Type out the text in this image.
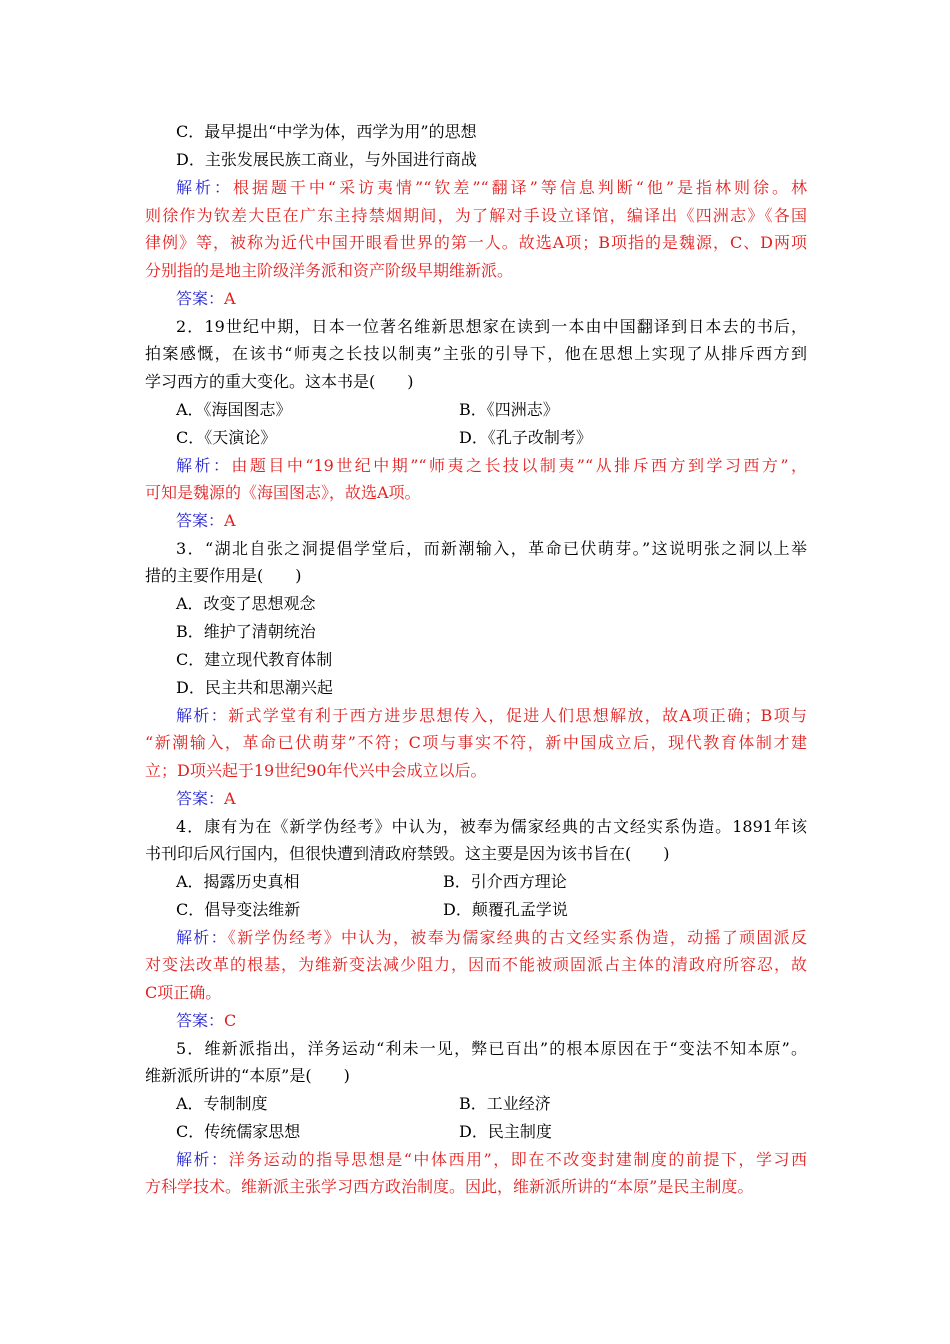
C．最早提出“中学为体，西学为用”的思想
D．主张发展民族工商业，与外国进行商战
解析：根据题干中“采访夷情”“钦差”“翻译”等信息判断“他”是指林则徐。林
则徐作为钦差大臣在广东主持禁烟期间，为了解对手设立译馆，编译出《四洲志》《各国
律例》等，被称为近代中国开眼看世界的第一人。故选A项；B项指的是魏源，C、D两项
分别指的是地主阶级洋务派和资产阶级早期维新派。
答案：A
2．19世纪中期，日本一位著名维新思想家在读到一本由中国翻译到日本去的书后，
拍案感慨，在该书“师夷之长技以制夷”主张的引导下，他在思想上实现了从排斥西方到
学习西方的重大变化。这本书是(　　)
A．《海国图志》	B．《四洲志》
C．《天演论》	D．《孔子改制考》
解析：由题目中“19世纪中期”“师夷之长技以制夷”“从排斥西方到学习西方”，
可知是魏源的《海国图志》，故选A项。
答案：A
3．“湖北自张之洞提倡学堂后，而新潮输入，革命已伏萌芽。”这说明张之洞以上举
措的主要作用是(　　)
A．改变了思想观念
B．维护了清朝统治
C．建立现代教育体制
D．民主共和思潮兴起
解析：新式学堂有利于西方进步思想传入，促进人们思想解放，故A项正确；B项与
“新潮输入，革命已伏萌芽”不符；C项与事实不符，新中国成立后，现代教育体制才建
立；D项兴起于19世纪90年代兴中会成立以后。
答案：A
4．康有为在《新学伪经考》中认为，被奉为儒家经典的古文经实系伪造。1891年该
书刊印后风行国内，但很快遭到清政府禁毁。这主要是因为该书旨在(　　)
A．揭露历史真相	B．引介西方理论
C．倡导变法维新	D．颠覆孔孟学说
解析：《新学伪经考》中认为，被奉为儒家经典的古文经实系伪造，动摇了顽固派反
对变法改革的根基，为维新变法减少阻力，因而不能被顽固派占主体的清政府所容忍，故
C项正确。
答案：C
5．维新派指出，洋务运动“利未一见，弊已百出”的根本原因在于“变法不知本原”。
维新派所讲的“本原”是(　　)
A．专制制度	B．工业经济
C．传统儒家思想	D．民主制度
解析：洋务运动的指导思想是“中体西用”，即在不改变封建制度的前提下，学习西
方科学技术。维新派主张学习西方政治制度。因此，维新派所讲的“本原”是民主制度。
